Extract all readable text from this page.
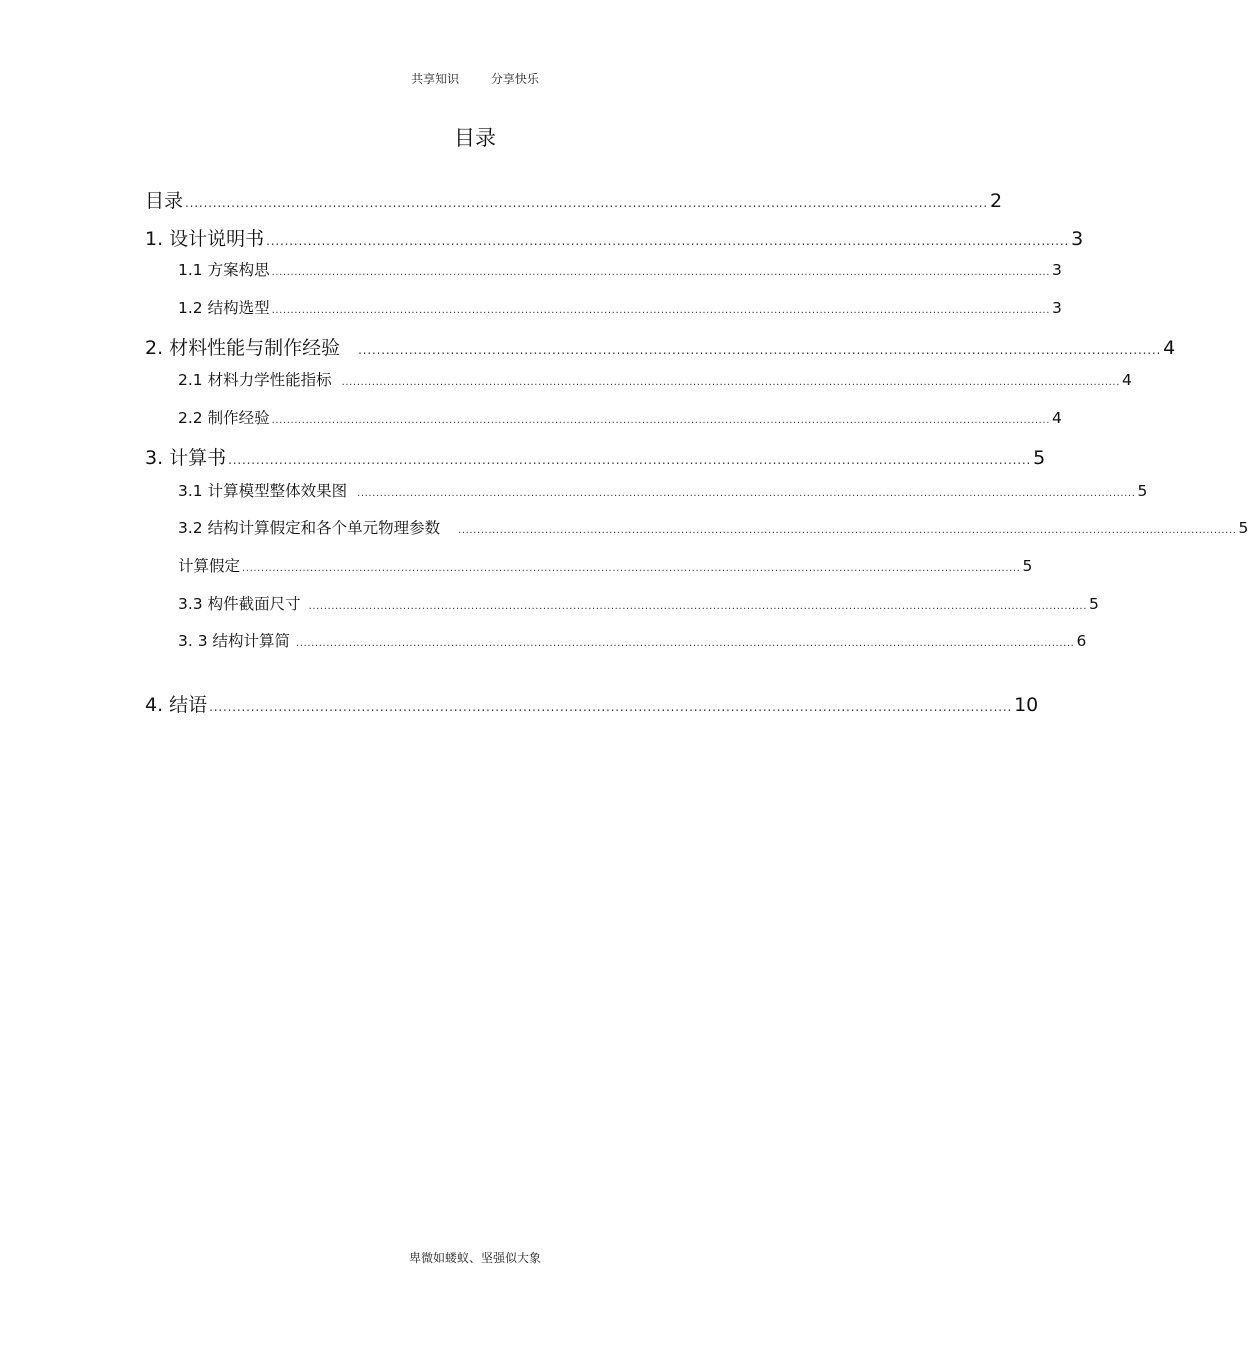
共享知识	分享快乐
目录
目录 .............................................................................................................................................................................. 2
1. 设计说明书 .............................................................................................................................................................................. 3
1.1 方案构思 .............................................................................................................................................................................................................. 3
1.2 结构选型 .............................................................................................................................................................................................................. 3
2. 材料性能与制作经验 .............................................................................................................................................................................. 4
2.1 材料力学性能指标 .............................................................................................................................................................................................................. 4
2.2 制作经验 .............................................................................................................................................................................................................. 4
3. 计算书 .............................................................................................................................................................................. 5
3.1 计算模型整体效果图 .............................................................................................................................................................................................................. 5
3.2 结构计算假定和各个单元物理参数 .............................................................................................................................................................................................................. 5
计算假定 .............................................................................................................................................................................................................. 5
3.3 构件截面尺寸 .............................................................................................................................................................................................................. 5
3. 3 结构计算简 .............................................................................................................................................................................................................. 6
4. 结语 .............................................................................................................................................................................. 10
卑微如蝼蚁、坚强似大象
